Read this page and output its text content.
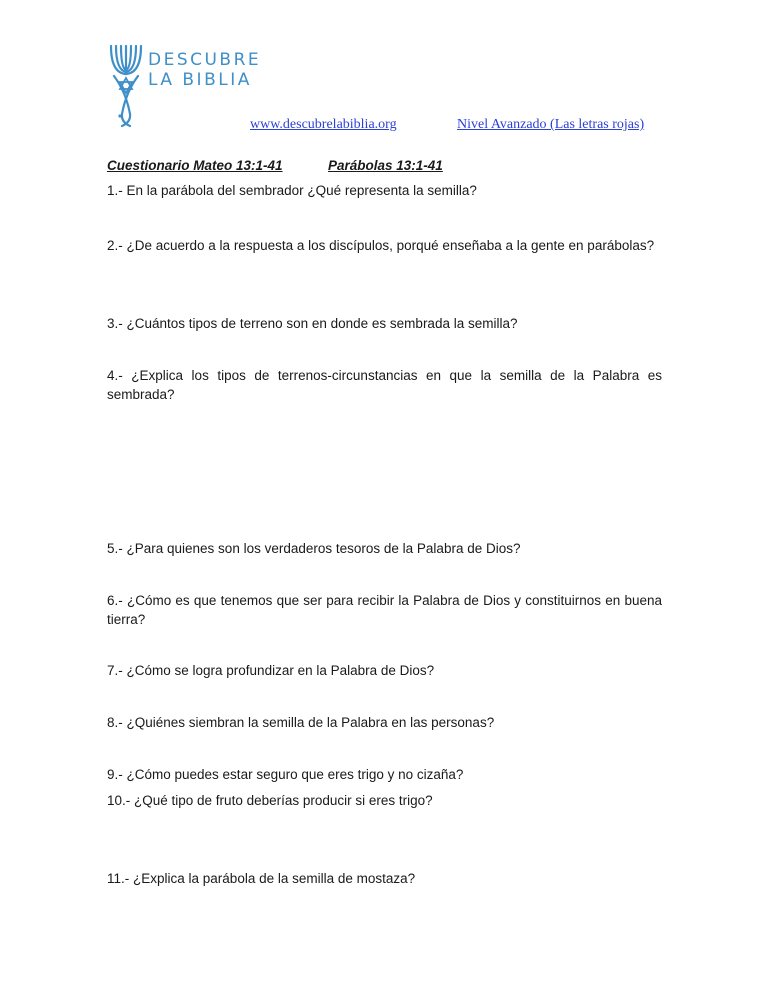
DESCUBRE
LA BIBLIA
www.descubrelabiblia.org	Nivel Avanzado (Las letras rojas)
Cuestionario Mateo 13:1-41	Parábolas 13:1-41
1.- En la parábola del sembrador ¿Qué representa la semilla?
2.- ¿De acuerdo a la respuesta a los discípulos, porqué enseñaba a la gente en parábolas?
3.- ¿Cuántos tipos de terreno son en donde es sembrada la semilla?
4.- ¿Explica los tipos de terrenos-circunstancias en que la semilla de la Palabra es sembrada?
5.- ¿Para quienes son los verdaderos tesoros de la Palabra de Dios?
6.- ¿Cómo es que tenemos que ser para recibir la Palabra de Dios y constituirnos en buena tierra?
7.- ¿Cómo se logra profundizar en la Palabra de Dios?
8.- ¿Quiénes siembran la semilla de la Palabra en las personas?
9.- ¿Cómo puedes estar seguro que eres trigo y no cizaña?
10.- ¿Qué tipo de fruto deberías producir si eres trigo?
11.- ¿Explica la parábola de la semilla de mostaza?
